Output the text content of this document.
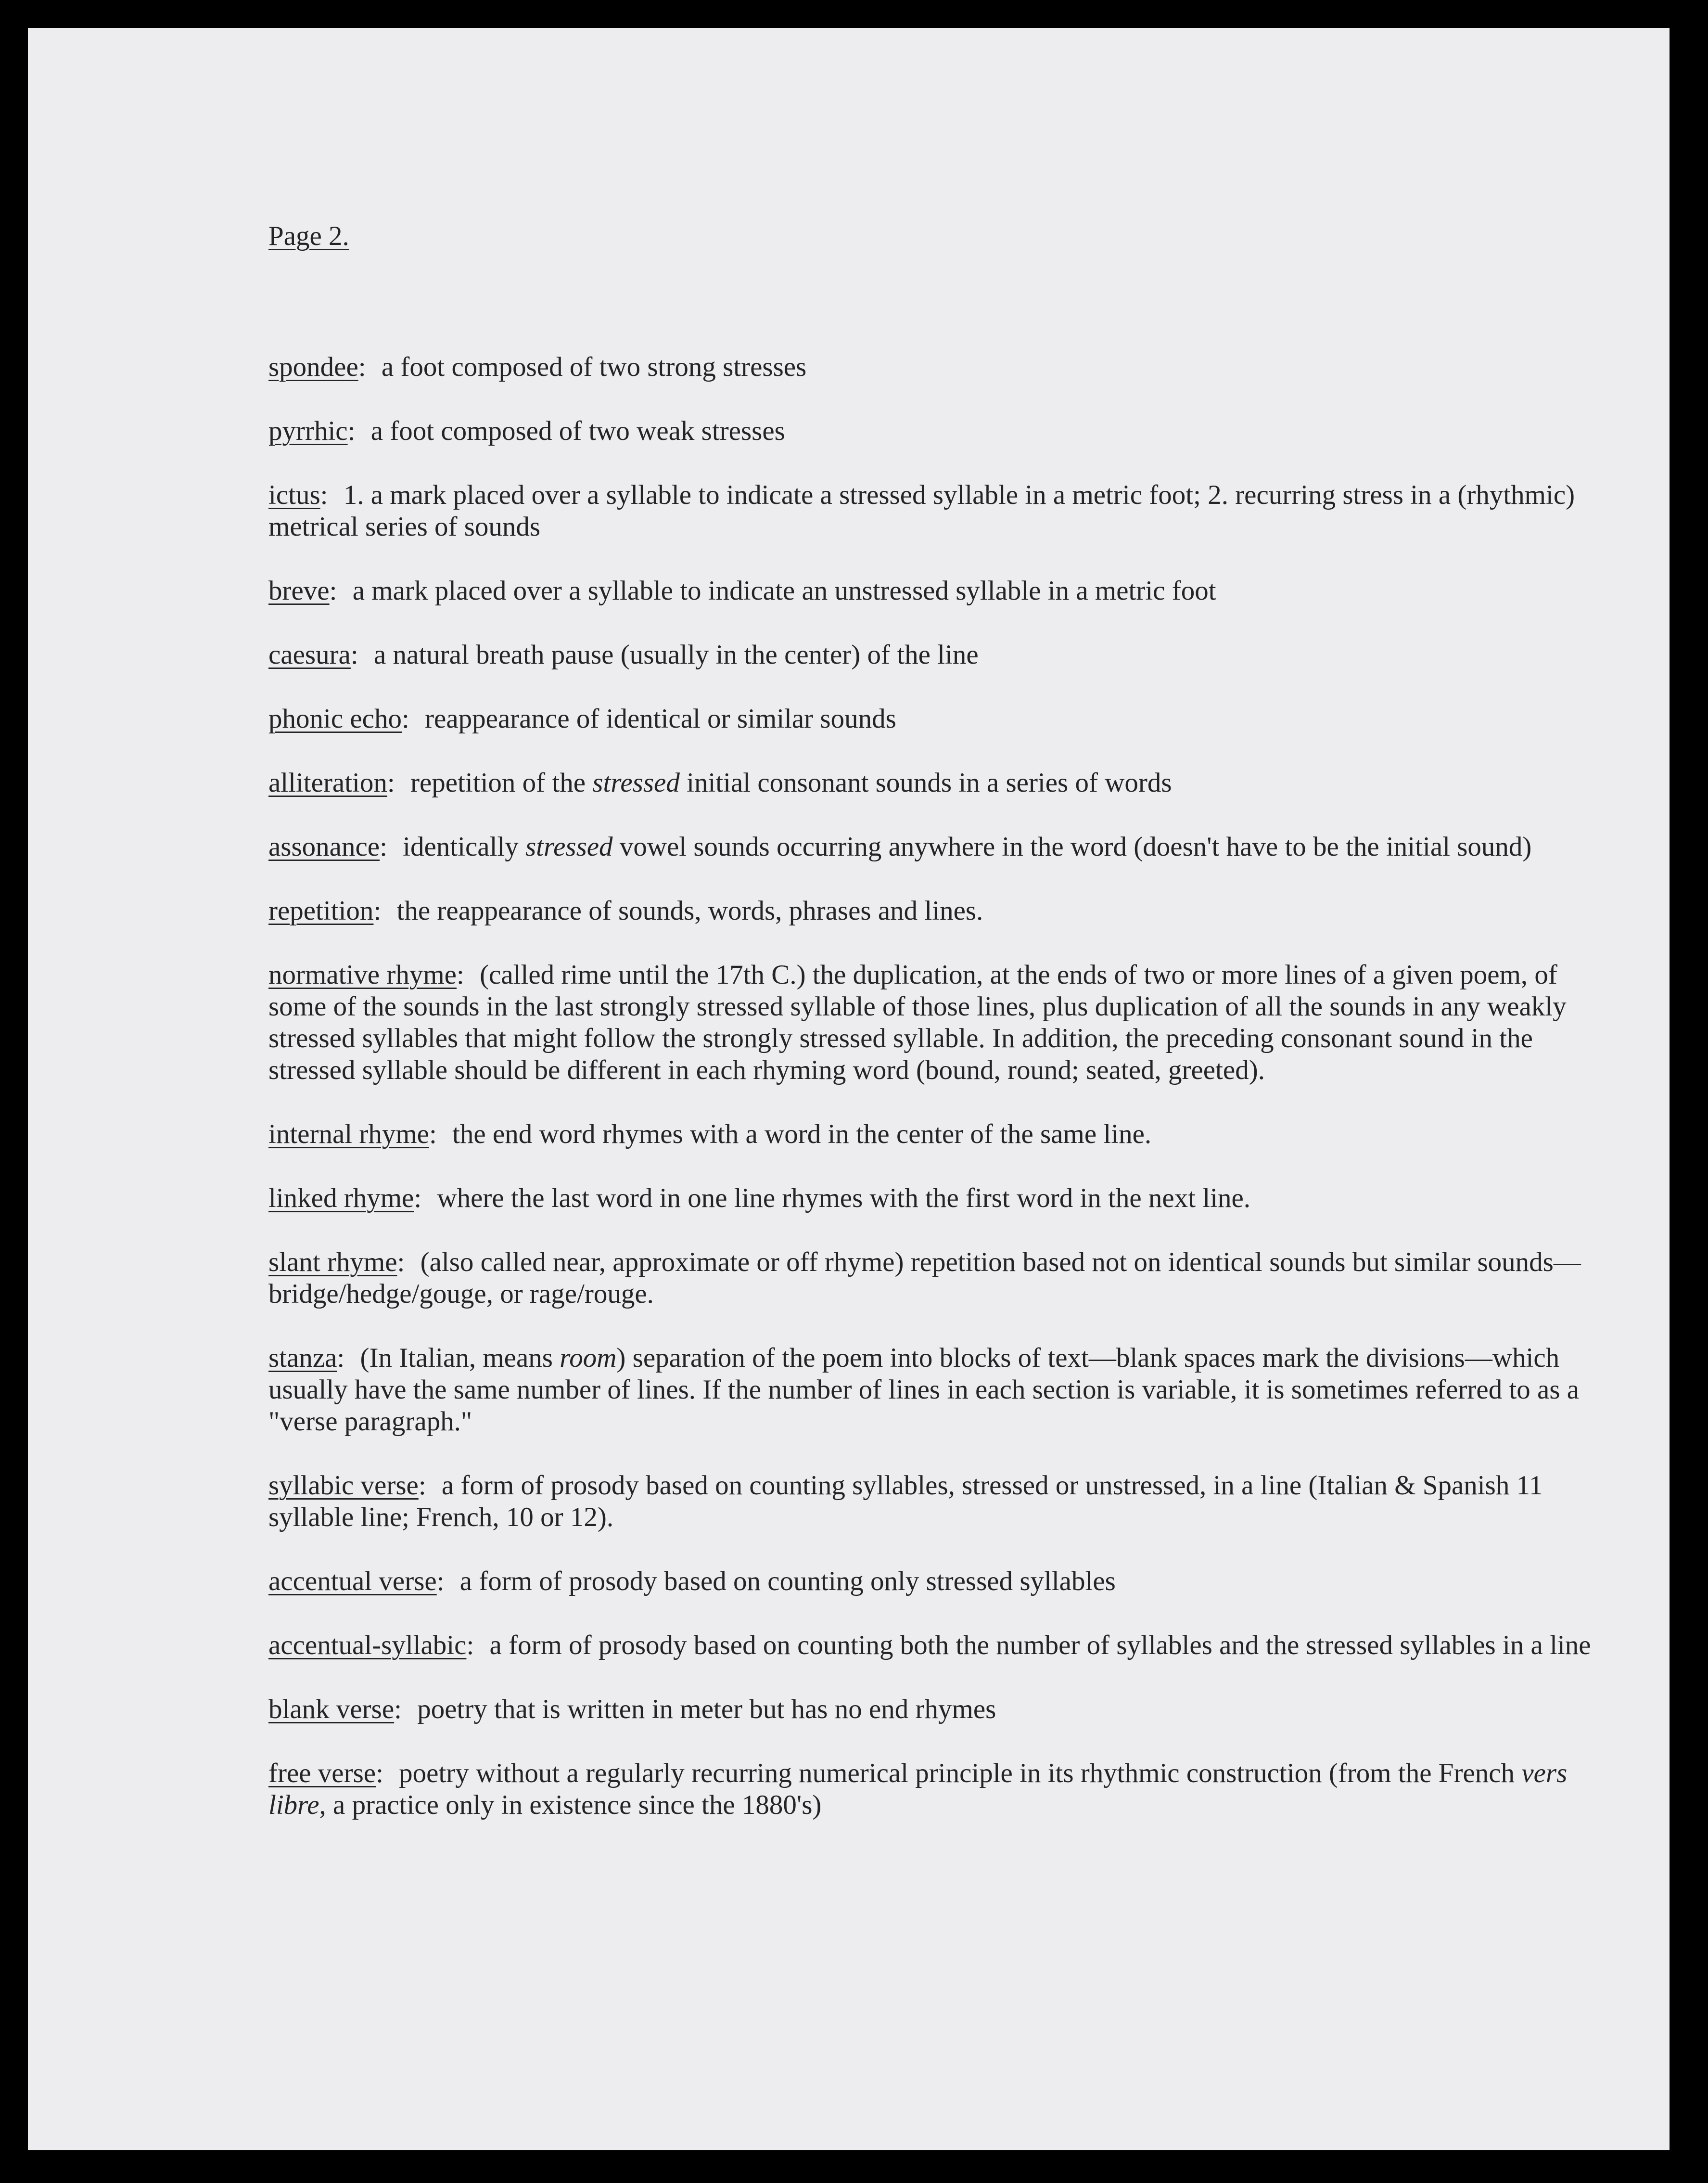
Page 2.

spondee: a foot composed of two strong stresses

pyrrhic: a foot composed of two weak stresses

ictus: 1. a mark placed over a syllable to indicate a stressed syllable in a metric foot; 2. recurring stress in a (rhythmic) metrical series of sounds

breve: a mark placed over a syllable to indicate an unstressed syllable in a metric foot

caesura: a natural breath pause (usually in the center) of the line

phonic echo: reappearance of identical or similar sounds

alliteration: repetition of the stressed initial consonant sounds in a series of words

assonance: identically stressed vowel sounds occurring anywhere in the word (doesn't have to be the initial sound)

repetition: the reappearance of sounds, words, phrases and lines.

normative rhyme: (called rime until the 17th C.) the duplication, at the ends of two or more lines of a given poem, of some of the sounds in the last strongly stressed syllable of those lines, plus duplication of all the sounds in any weakly stressed syllables that might follow the strongly stressed syllable. In addition, the preceding consonant sound in the stressed syllable should be different in each rhyming word (bound, round; seated, greeted).

internal rhyme: the end word rhymes with a word in the center of the same line.

linked rhyme: where the last word in one line rhymes with the first word in the next line.

slant rhyme: (also called near, approximate or off rhyme) repetition based not on identical sounds but similar sounds—bridge/hedge/gouge, or rage/rouge.

stanza: (In Italian, means room) separation of the poem into blocks of text—blank spaces mark the divisions—which usually have the same number of lines. If the number of lines in each section is variable, it is sometimes referred to as a "verse paragraph."

syllabic verse: a form of prosody based on counting syllables, stressed or unstressed, in a line (Italian & Spanish 11 syllable line; French, 10 or 12).

accentual verse: a form of prosody based on counting only stressed syllables

accentual-syllabic: a form of prosody based on counting both the number of syllables and the stressed syllables in a line

blank verse: poetry that is written in meter but has no end rhymes

free verse: poetry without a regularly recurring numerical principle in its rhythmic construction (from the French vers libre, a practice only in existence since the 1880's)
